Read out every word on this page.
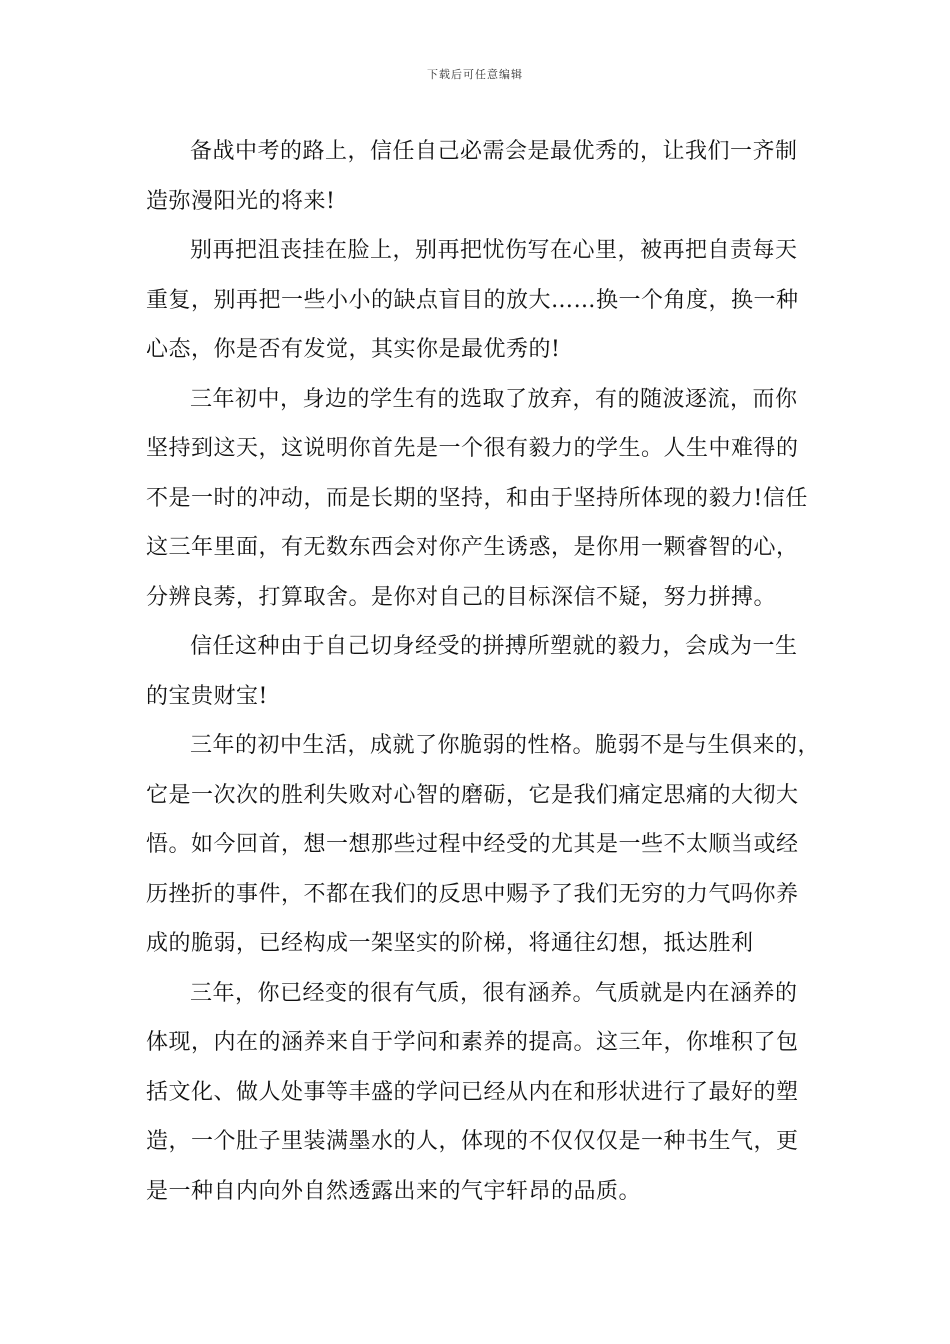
下载后可任意编辑
备战中考的路上，信任自己必需会是最优秀的，让我们一齐制
造弥漫阳光的将来!
别再把沮丧挂在脸上，别再把忧伤写在心里，被再把自责每天
重复，别再把一些小小的缺点盲目的放大……换一个角度，换一种
心态，你是否有发觉，其实你是最优秀的!
三年初中，身边的学生有的选取了放弃，有的随波逐流，而你
坚持到这天，这说明你首先是一个很有毅力的学生。人生中难得的
不是一时的冲动，而是长期的坚持，和由于坚持所体现的毅力!信任
这三年里面，有无数东西会对你产生诱惑，是你用一颗睿智的心，
分辨良莠，打算取舍。是你对自己的目标深信不疑，努力拼搏。
信任这种由于自己切身经受的拼搏所塑就的毅力，会成为一生
的宝贵财宝!
三年的初中生活，成就了你脆弱的性格。脆弱不是与生俱来的，
它是一次次的胜利失败对心智的磨砺，它是我们痛定思痛的大彻大
悟。如今回首，想一想那些过程中经受的尤其是一些不太顺当或经
历挫折的事件，不都在我们的反思中赐予了我们无穷的力气吗你养
成的脆弱，已经构成一架坚实的阶梯，将通往幻想，抵达胜利
三年，你已经变的很有气质，很有涵养。气质就是内在涵养的
体现，内在的涵养来自于学问和素养的提高。这三年，你堆积了包
括文化、做人处事等丰盛的学问已经从内在和形状进行了最好的塑
造，一个肚子里装满墨水的人，体现的不仅仅仅是一种书生气，更
是一种自内向外自然透露出来的气宇轩昂的品质。
